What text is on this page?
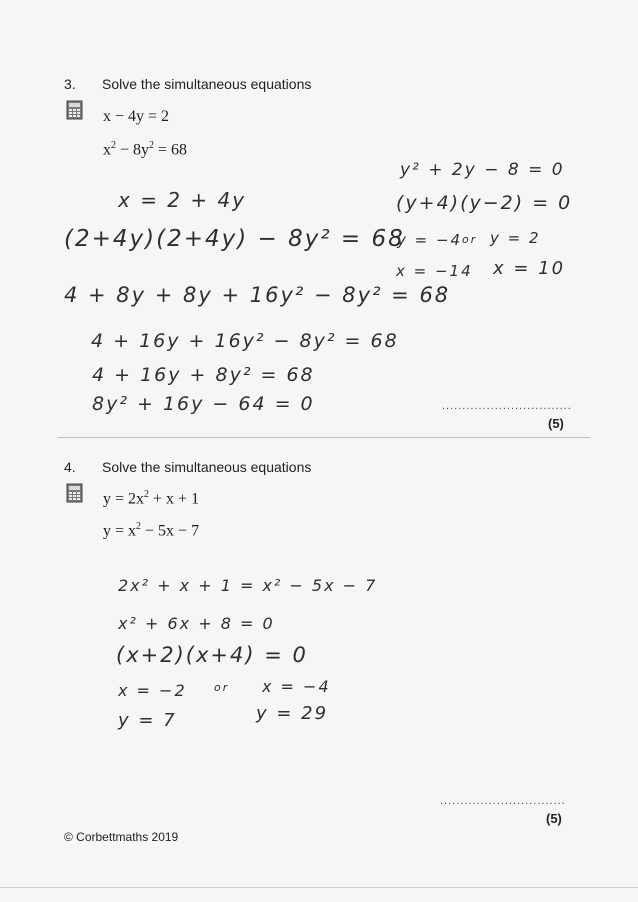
3. Solve the simultaneous equations
x − 4y = 2
$x^2 - 8y^2 = 68$
x = 2 + 4y
(2+4y)(2+4y) − 8y² = 68
4 + 8y + 8y + 16y² − 8y² = 68
4 + 16y + 16y² − 8y² = 68
4 + 16y + 8y² = 68
8y² + 16y − 64 = 0
y² + 2y − 8 = 0
(y+4)(y−2) = 0
y = −4 or y = 2
x = −14 x = 10
................................
(5)
4. Solve the simultaneous equations
$y = 2x^2 + x + 1$
$y = x^2 - 5x - 7$
2x² + x + 1 = x² − 5x − 7
x² + 6x + 8 = 0
(x+2)(x+4) = 0
x = −2 or x = −4
y = 7	y = 29
...............................
(5)
© Corbettmaths 2019
